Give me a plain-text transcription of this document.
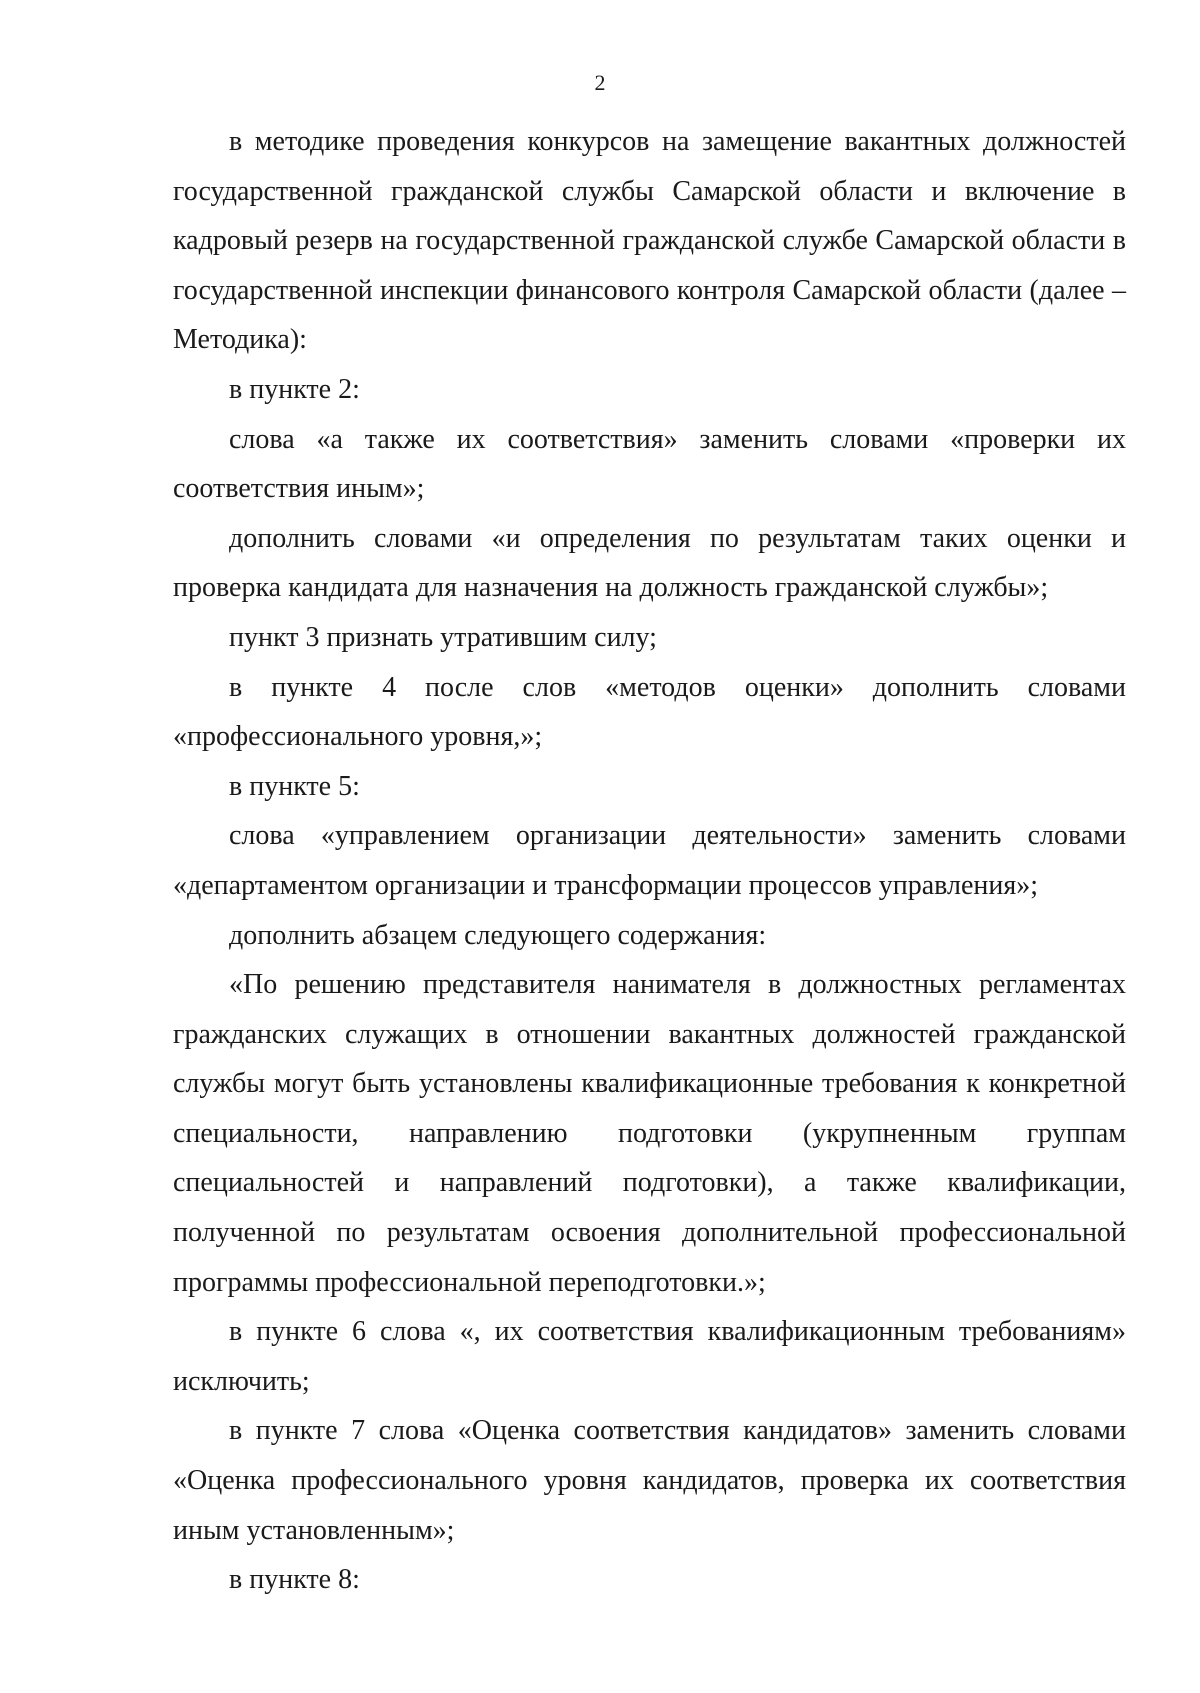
2

в методике проведения конкурсов на замещение вакантных должностей государственной гражданской службы Самарской области и включение в кадровый резерв на государственной гражданской службе Самарской области в государственной инспекции финансового контроля Самарской области (далее – Методика):

в пункте 2:

слова «а также их соответствия» заменить словами «проверки их соответствия иным»;

дополнить словами «и определения по результатам таких оценки и проверка кандидата для назначения на должность гражданской службы»;

пункт 3 признать утратившим силу;

в пункте 4 после слов «методов оценки» дополнить словами «профессионального уровня,»;

в пункте 5:

слова «управлением организации деятельности» заменить словами «департаментом организации и трансформации процессов управления»;

дополнить абзацем следующего содержания:

«По решению представителя нанимателя в должностных регламентах гражданских служащих в отношении вакантных должностей гражданской службы могут быть установлены квалификационные требования к конкретной специальности, направлению подготовки (укрупненным группам специальностей и направлений подготовки), а также квалификации, полученной по результатам освоения дополнительной профессиональной программы профессиональной переподготовки.»;

в пункте 6 слова «, их соответствия квалификационным требованиям» исключить;

в пункте 7 слова «Оценка соответствия кандидатов» заменить словами «Оценка профессионального уровня кандидатов, проверка их соответствия иным установленным»;

в пункте 8:
